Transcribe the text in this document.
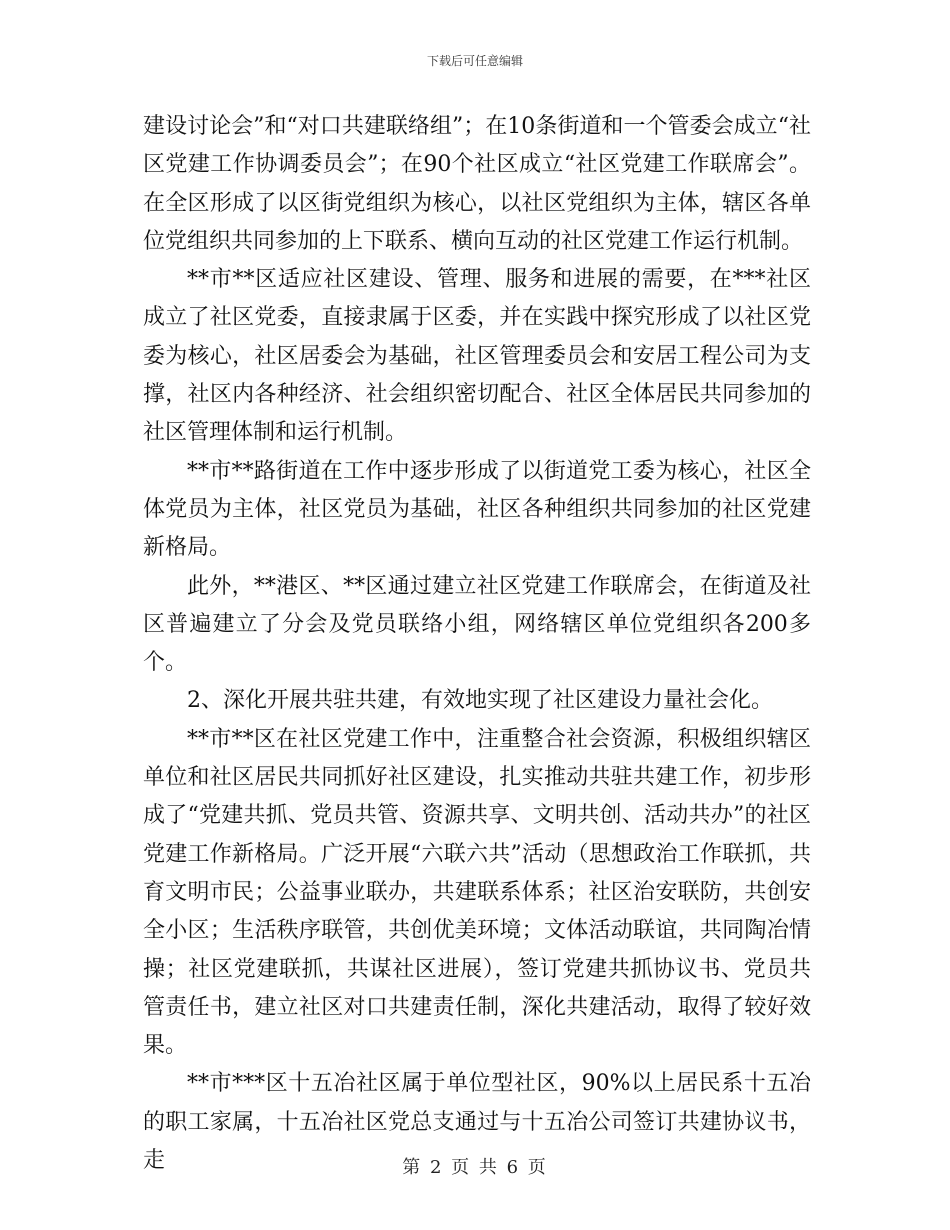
下载后可任意编辑

建设讨论会”和“对口共建联络组”；在10条街道和一个管委会成立“社区党建工作协调委员会”；在90个社区成立“社区党建工作联席会”。在全区形成了以区街党组织为核心，以社区党组织为主体，辖区各单位党组织共同参加的上下联系、横向互动的社区党建工作运行机制。

**市**区适应社区建设、管理、服务和进展的需要，在***社区成立了社区党委，直接隶属于区委，并在实践中探究形成了以社区党委为核心，社区居委会为基础，社区管理委员会和安居工程公司为支撑，社区内各种经济、社会组织密切配合、社区全体居民共同参加的社区管理体制和运行机制。

**市**路街道在工作中逐步形成了以街道党工委为核心，社区全体党员为主体，社区党员为基础，社区各种组织共同参加的社区党建新格局。

此外，**港区、**区通过建立社区党建工作联席会，在街道及社区普遍建立了分会及党员联络小组，网络辖区单位党组织各200多个。

2、深化开展共驻共建，有效地实现了社区建设力量社会化。

**市**区在社区党建工作中，注重整合社会资源，积极组织辖区单位和社区居民共同抓好社区建设，扎实推动共驻共建工作，初步形成了“党建共抓、党员共管、资源共享、文明共创、活动共办”的社区党建工作新格局。广泛开展“六联六共”活动（思想政治工作联抓，共育文明市民；公益事业联办，共建联系体系；社区治安联防，共创安全小区；生活秩序联管，共创优美环境；文体活动联谊，共同陶冶情操；社区党建联抓，共谋社区进展），签订党建共抓协议书、党员共管责任书，建立社区对口共建责任制，深化共建活动，取得了较好效果。

**市***区十五冶社区属于单位型社区，90%以上居民系十五冶的职工家属，十五冶社区党总支通过与十五冶公司签订共建协议书，走	第 2 页 共 6 页
